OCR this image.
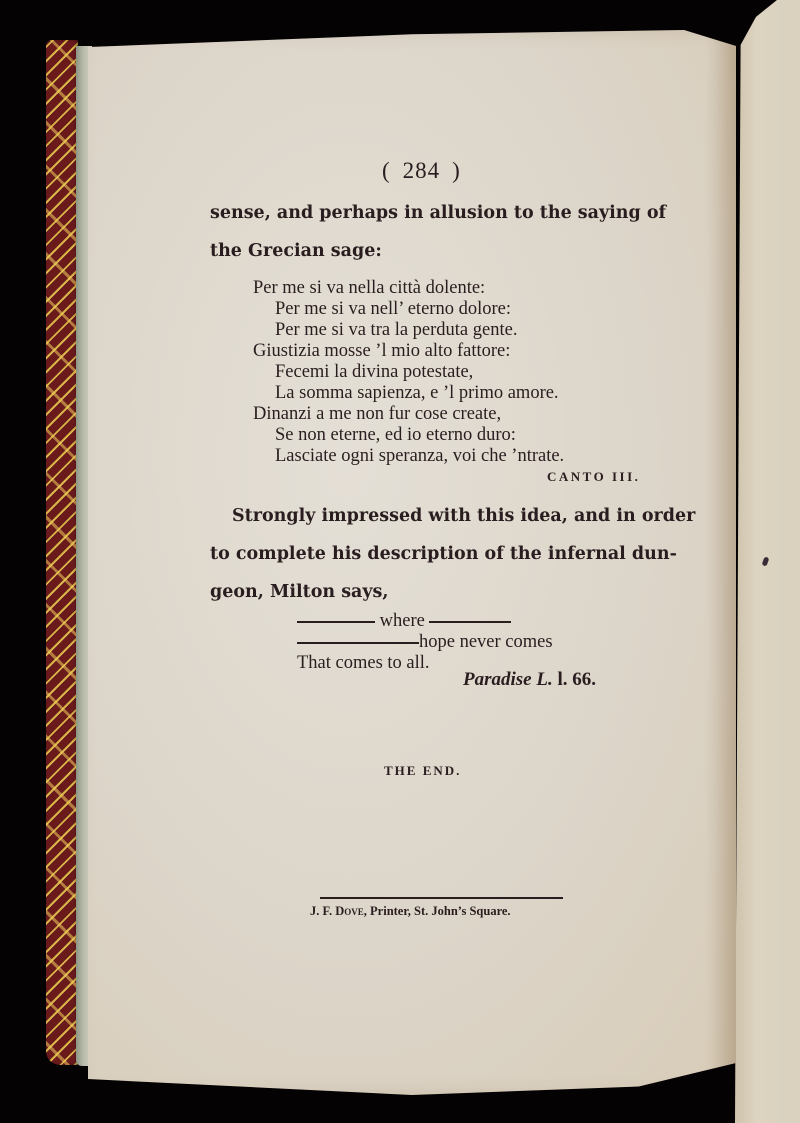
( 284 )
sense, and perhaps in allusion to the saying of
the Grecian sage:
Per me si va nella città dolente:
Per me si va nell’ eterno dolore:
Per me si va tra la perduta gente.
Giustizia mosse ’l mio alto fattore:
Fecemi la divina potestate,
La somma sapienza, e ’l primo amore.
Dinanzi a me non fur cose create,
Se non eterne, ed io eterno duro:
Lasciate ogni speranza, voi che ’ntrate.
CANTO III.
Strongly impressed with this idea, and in order
to complete his description of the infernal dun-
geon, Milton says,
where
hope never comes
That comes to all.
Paradise L. l. 66.
THE END.
J. F. Dove, Printer, St. John’s Square.
